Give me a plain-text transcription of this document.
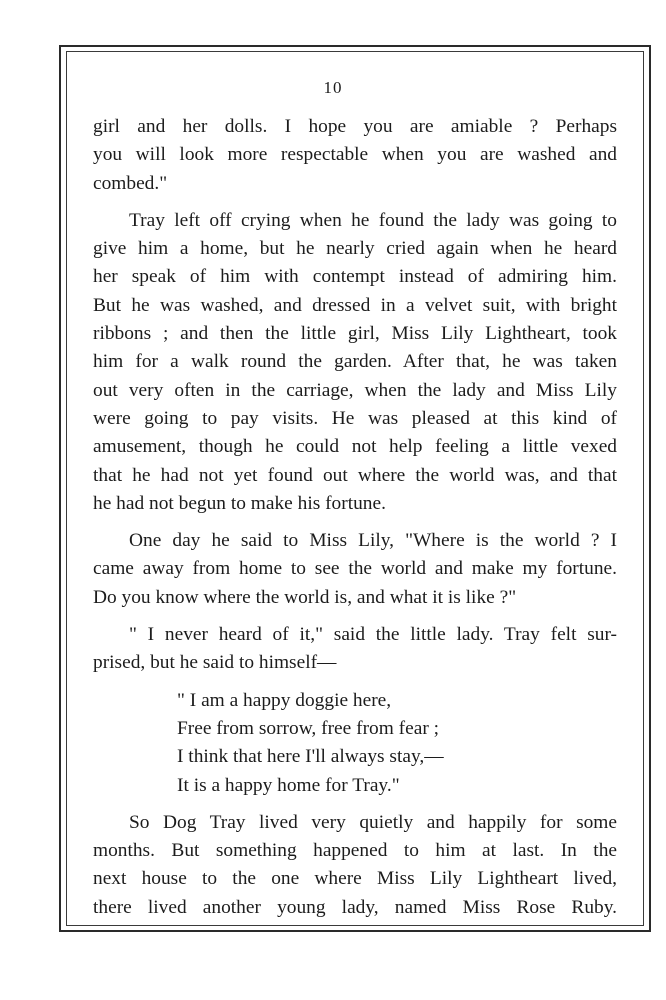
10
girl and her dolls. I hope you are amiable ? Perhaps
you will look more respectable when you are washed and
combed."
Tray left off crying when he found the lady was going to
give him a home, but he nearly cried again when he heard
her speak of him with contempt instead of admiring him.
But he was washed, and dressed in a velvet suit, with bright
ribbons ; and then the little girl, Miss Lily Lightheart, took
him for a walk round the garden. After that, he was taken
out very often in the carriage, when the lady and Miss Lily
were going to pay visits. He was pleased at this kind of
amusement, though he could not help feeling a little vexed
that he had not yet found out where the world was, and that
he had not begun to make his fortune.
One day he said to Miss Lily, "Where is the world ? I
came away from home to see the world and make my fortune.
Do you know where the world is, and what it is like ?"
" I never heard of it," said the little lady. Tray felt sur-
prised, but he said to himself—
" I am a happy doggie here,
Free from sorrow, free from fear ;
I think that here I'll always stay,—
It is a happy home for Tray."
So Dog Tray lived very quietly and happily for some
months. But something happened to him at last. In the
next house to the one where Miss Lily Lightheart lived,
there lived another young lady, named Miss Rose Ruby.
